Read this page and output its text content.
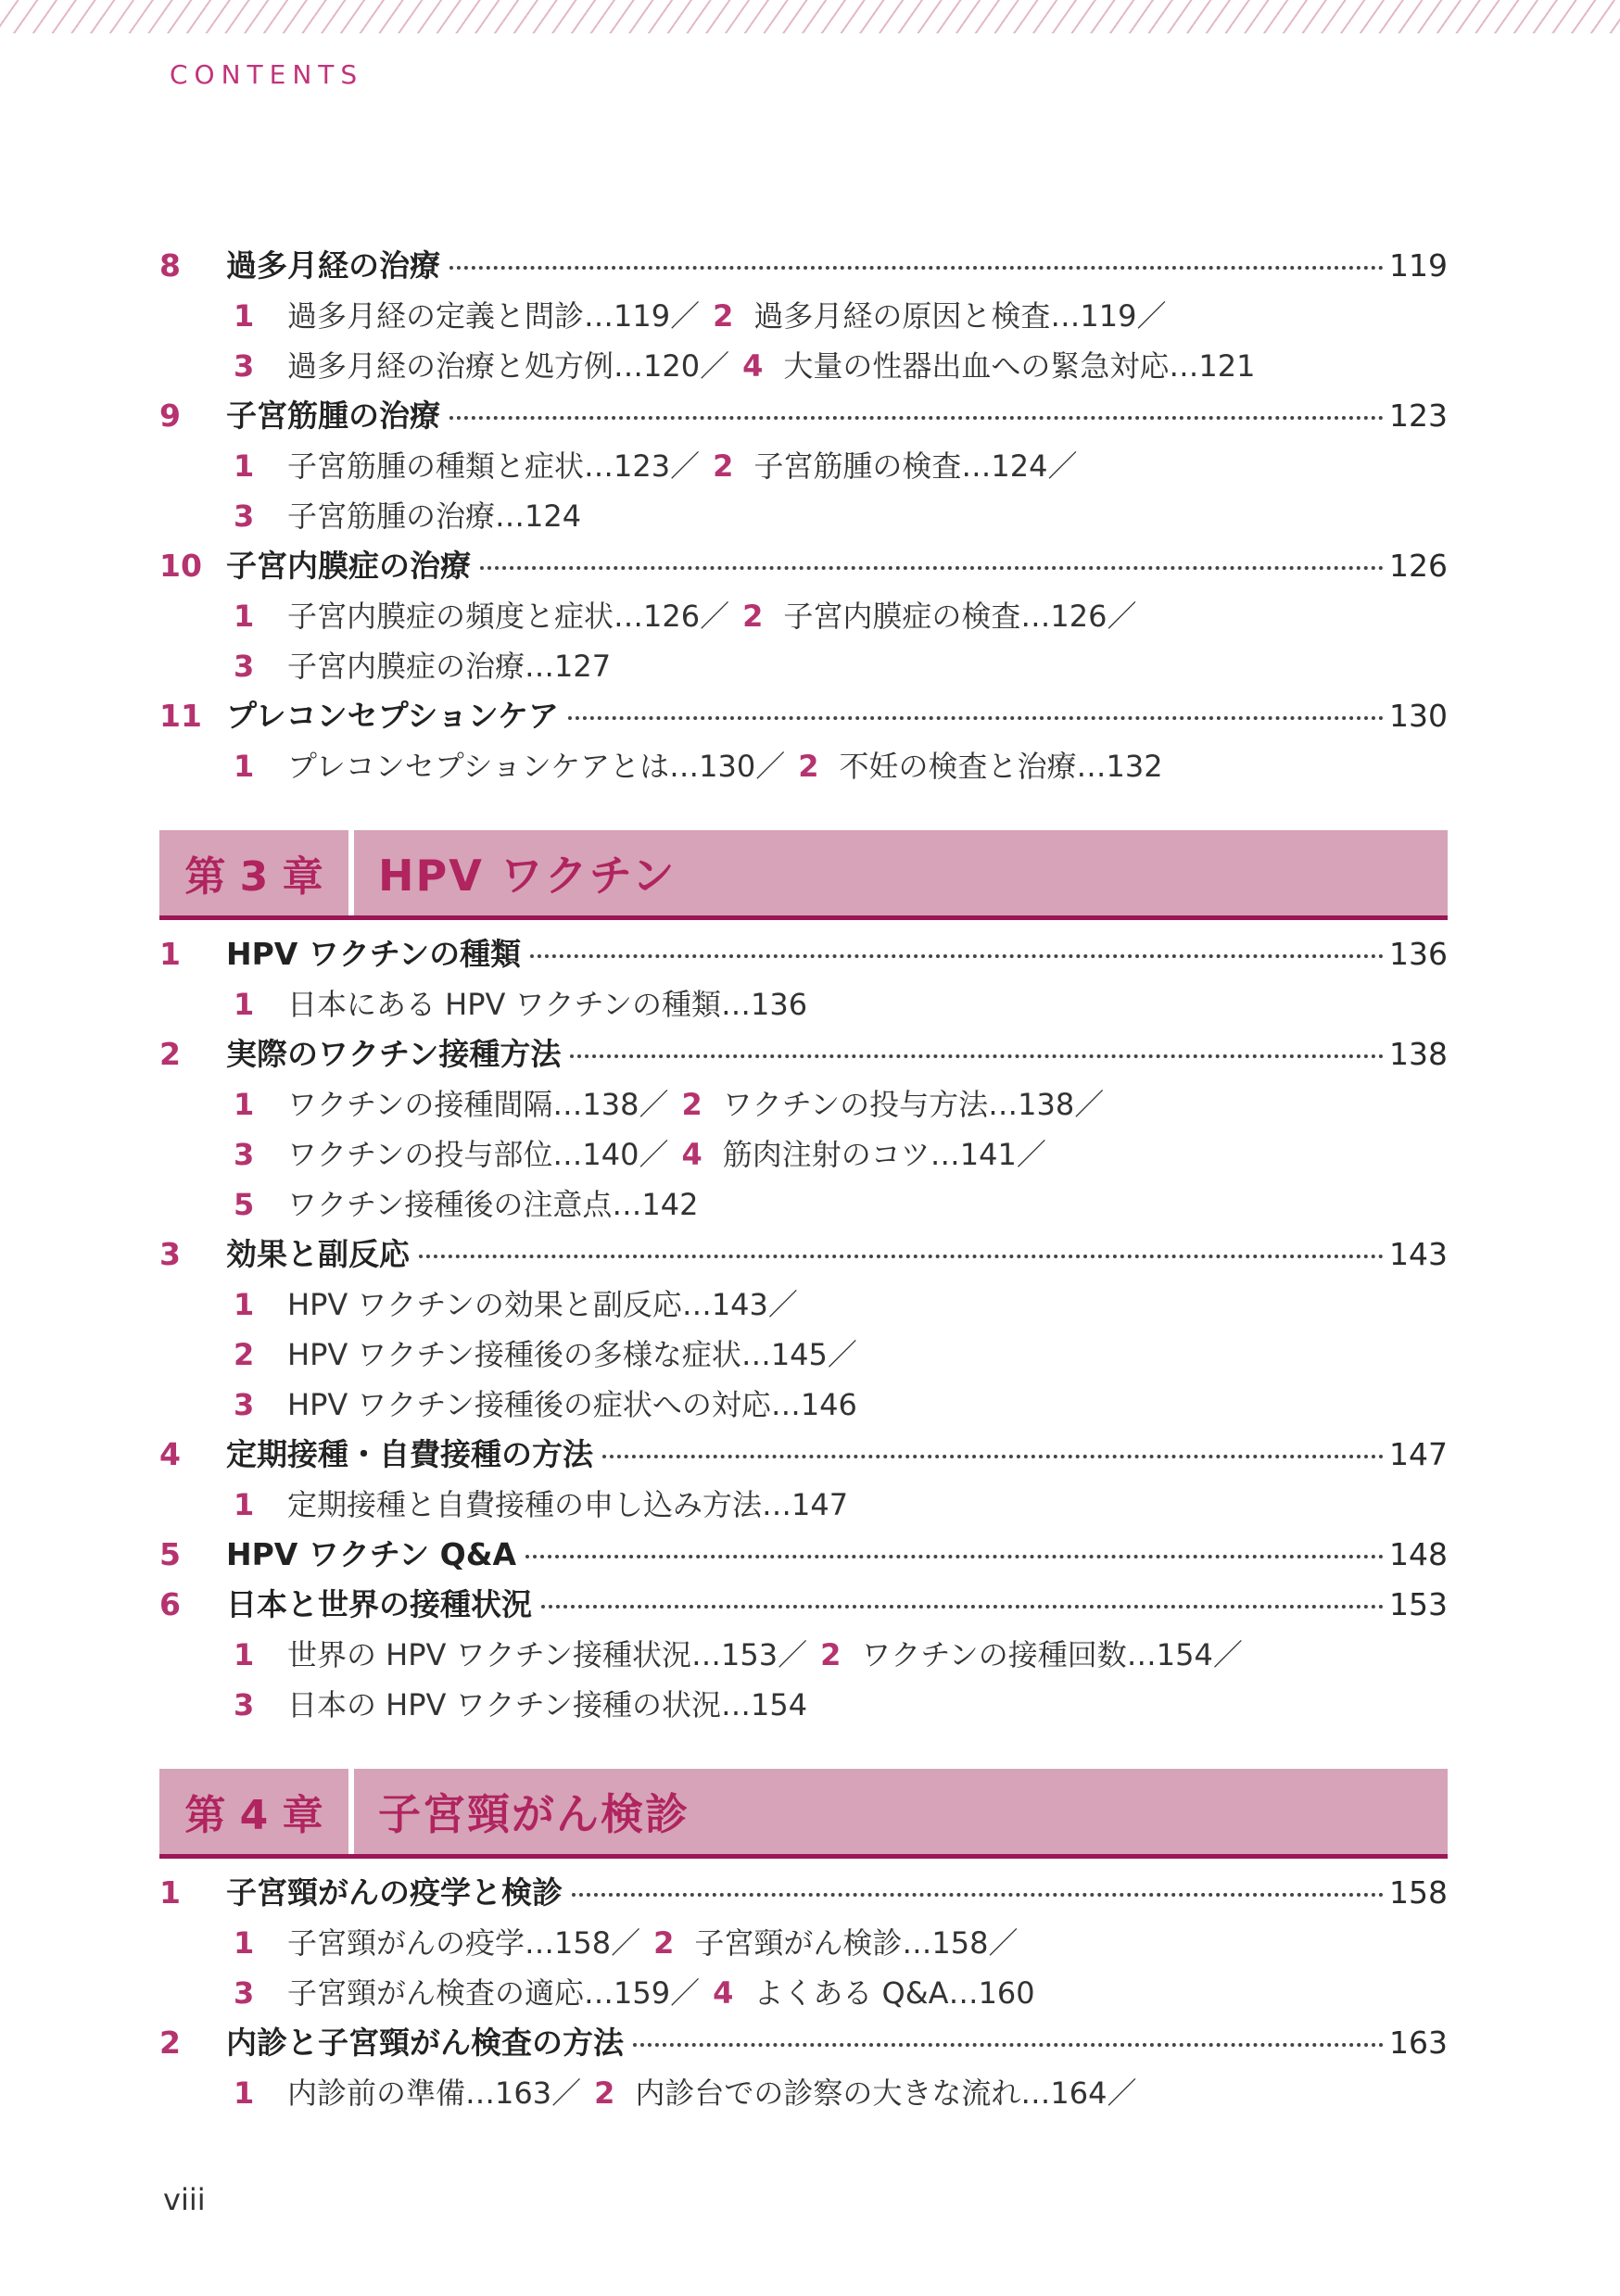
CONTENTS
8	過多月経の治療	119
1 過多月経の定義と問診…119／ 2 過多月経の原因と検査…119／
3 過多月経の治療と処方例…120／ 4 大量の性器出血への緊急対応…121
9	子宮筋腫の治療	123
1 子宮筋腫の種類と症状…123／ 2 子宮筋腫の検査…124／
3 子宮筋腫の治療…124
10 子宮内膜症の治療	126
1 子宮内膜症の頻度と症状…126／ 2 子宮内膜症の検査…126／
3 子宮内膜症の治療…127
11 プレコンセプションケア	130
1 プレコンセプションケアとは…130／ 2 不妊の検査と治療…132
第 3 章	HPV ワクチン
1	HPV ワクチンの種類	136
1 日本にある HPV ワクチンの種類…136
2	実際のワクチン接種方法	138
1 ワクチンの接種間隔…138／ 2 ワクチンの投与方法…138／
3 ワクチンの投与部位…140／ 4 筋肉注射のコツ…141／
5 ワクチン接種後の注意点…142
3	効果と副反応	143
1 HPV ワクチンの効果と副反応…143／
2 HPV ワクチン接種後の多様な症状…145／
3 HPV ワクチン接種後の症状への対応…146
4	定期接種・自費接種の方法	147
1 定期接種と自費接種の申し込み方法…147
5	HPV ワクチン Q&A	148
6	日本と世界の接種状況	153
1 世界の HPV ワクチン接種状況…153／ 2 ワクチンの接種回数…154／
3 日本の HPV ワクチン接種の状況…154
第 4 章	子宮頸がん検診
1	子宮頸がんの疫学と検診	158
1 子宮頸がんの疫学…158／ 2 子宮頸がん検診…158／
3 子宮頸がん検査の適応…159／ 4 よくある Q&A…160
2	内診と子宮頸がん検査の方法	163
1 内診前の準備…163／ 2 内診台での診察の大きな流れ…164／
viii
